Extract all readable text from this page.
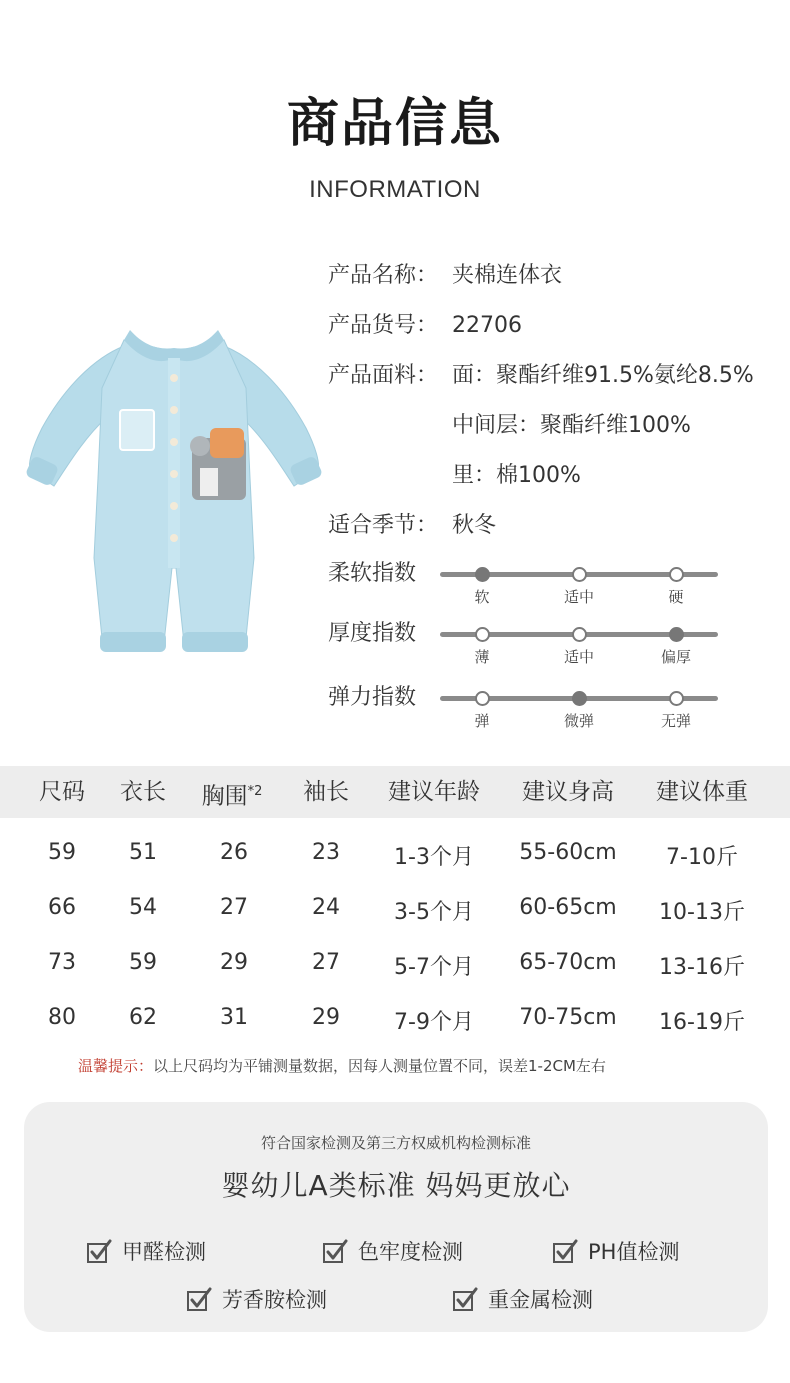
商品信息
INFORMATION
产品名称： 夹棉连体衣
产品货号： 22706
产品面料： 面：聚酯纤维91.5%氨纶8.5%
中间层：聚酯纤维100%
里：棉100%
适合季节： 秋冬
柔软指数
软	适中	硬
厚度指数
薄	适中	偏厚
弹力指数
弹	微弹	无弹
尺码 衣长 胸围$^{*2}$ 袖长 建议年龄 建议身高 建议体重
59 51	26	23 1-3个月 55-60cm 7-10斤
66 54	27	24 3-5个月 60-65cm 10-13斤
73 59	29	27 5-7个月 65-70cm 13-16斤
80 62	31	29 7-9个月 70-75cm 16-19斤
温馨提示：以上尺码均为平铺测量数据，因每人测量位置不同，误差1-2CM左右
符合国家检测及第三方权威机构检测标准
婴幼儿A类标准 妈妈更放心
甲醛检测	色牢度检测	PH值检测
芳香胺检测	重金属检测
